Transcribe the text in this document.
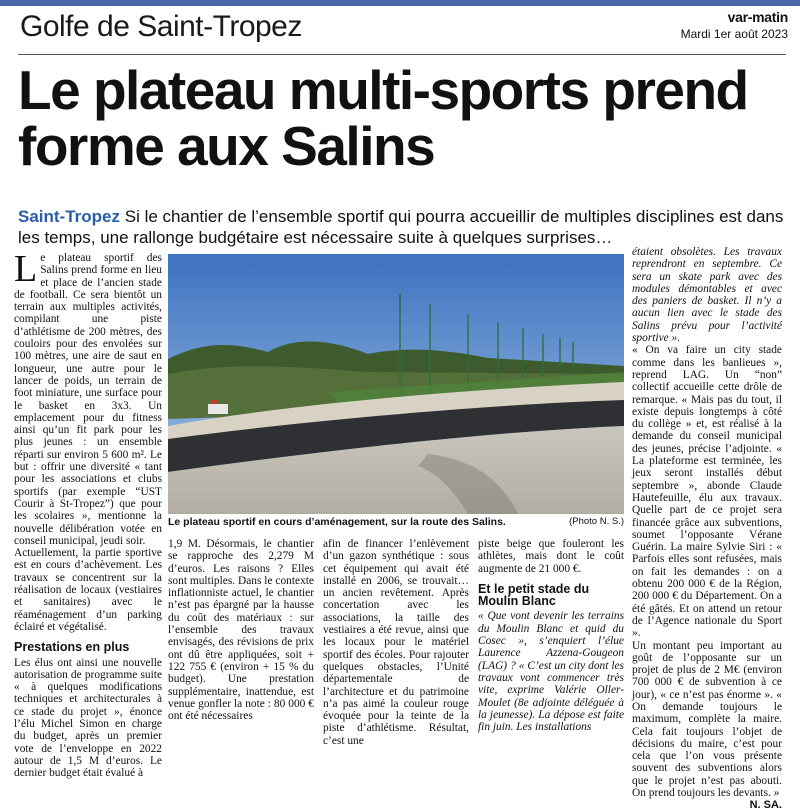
Golfe de Saint-Tropez	var-matin
Mardi 1er août 2023
Le plateau multi-sports prend forme aux Salins
Saint-Tropez Si le chantier de l’ensemble sportif qui pourra accueillir de multiples disciplines est dans les temps, une rallonge budgétaire est nécessaire suite à quelques surprises…

Le plateau sportif des Salins prend forme en lieu et place de l’ancien stade de football. Ce sera bientôt un terrain aux multiples activités, compilant une piste d’athlétisme de 200 mètres, des couloirs pour des envolées sur 100 mètres, une aire de saut en longueur, une autre pour le lancer de poids, un terrain de foot miniature, une surface pour le basket en 3x3. Un emplacement pour du fitness ainsi qu’un fit park pour les plus jeunes : un ensemble réparti sur environ 5 600 m². Le but : offrir une diversité « tant pour les associations et clubs sportifs (par exemple “UST Courir à St-Tropez”) que pour les scolaires », mentionne la nouvelle délibération votée en conseil municipal, jeudi soir.

Actuellement, la partie sportive est en cours d’achèvement. Les travaux se concentrent sur la réalisation de locaux (vestiaires et sanitaires) avec le réaménagement d’un parking éclairé et végétalisé.

Prestations en plus

Les élus ont ainsi une nouvelle autorisation de programme suite « à quelques modifications techniques et architecturales à ce stade du projet », énonce l’élu Michel Simon en charge du budget, après un premier vote de l’enveloppe en 2022 autour de 1,5 M d’euros. Le dernier budget était évalué à

Le plateau sportif en cours d’aménagement, sur la route des Salins.	(Photo N. S.)

1,9 M. Désormais, le chantier se rapproche des 2,279 M d’euros. Les raisons ? Elles sont multiples. Dans le contexte inflationniste actuel, le chantier n’est pas épargné par la hausse du coût des matériaux : sur l’ensemble des travaux envisagés, des révisions de prix ont dû être appliquées, soit + 122 755 € (environ + 15 % du budget). Une prestation supplémentaire, inattendue, est venue gonfler la note : 80 000 € ont été nécessaires

afin de financer l’enlèvement d’un gazon synthétique : sous cet équipement qui avait été installé en 2006, se trouvait… un ancien revêtement. Après concertation avec les associations, la taille des vestiaires a été revue, ainsi que les locaux pour le matériel sportif des écoles. Pour rajouter quelques obstacles, l’Unité départementale de l’architecture et du patrimoine n’a pas aimé la couleur rouge évoquée pour la teinte de la piste d’athlétisme. Résultat, c’est une

piste beige que fouleront les athlètes, mais dont le coût augmente de 21 000 €.

Et le petit stade du Moulin Blanc

« Que vont devenir les terrains du Moulin Blanc et quid du Cosec », s’enquiert l’élue Laurence Azzena-Gougeon (LAG) ? « C’est un city dont les travaux vont commencer très vite, exprime Valérie Oller-Moulet (8e adjointe déléguée à la jeunesse). La dépose est faite fin juin. Les installations

étaient obsolètes. Les travaux reprendront en septembre. Ce sera un skate park avec des modules démontables et avec des paniers de basket. Il n’y a aucun lien avec le stade des Salins prévu pour l’activité sportive ».

« On va faire un city stade comme dans les banlieues », reprend LAG. Un “non” collectif accueille cette drôle de remarque. « Mais pas du tout, il existe depuis longtemps à côté du collège » et, est réalisé à la demande du conseil municipal des jeunes, précise l’adjointe. « La plateforme est terminée, les jeux seront installés début septembre », abonde Claude Hautefeuille, élu aux travaux. Quelle part de ce projet sera financée grâce aux subventions, soumet l’opposante Vérane Guérin. La maire Sylvie Siri : « Parfois elles sont refusées, mais on fait les demandes : on a obtenu 200 000 € de la Région, 200 000 € du Département. On a été gâtés. Et on attend un retour de l’Agence nationale du Sport ».

Un montant peu important au goût de l’opposante sur un projet de plus de 2 M€ (environ 700 000 € de subvention à ce jour), « ce n’est pas énorme ». « On demande toujours le maximum, complète la maire. Cela fait toujours l’objet de décisions du maire, c’est pour cela que l’on vous présente souvent des subventions alors que le projet n’est pas abouti. On prend toujours les devants. »

N. SA.
